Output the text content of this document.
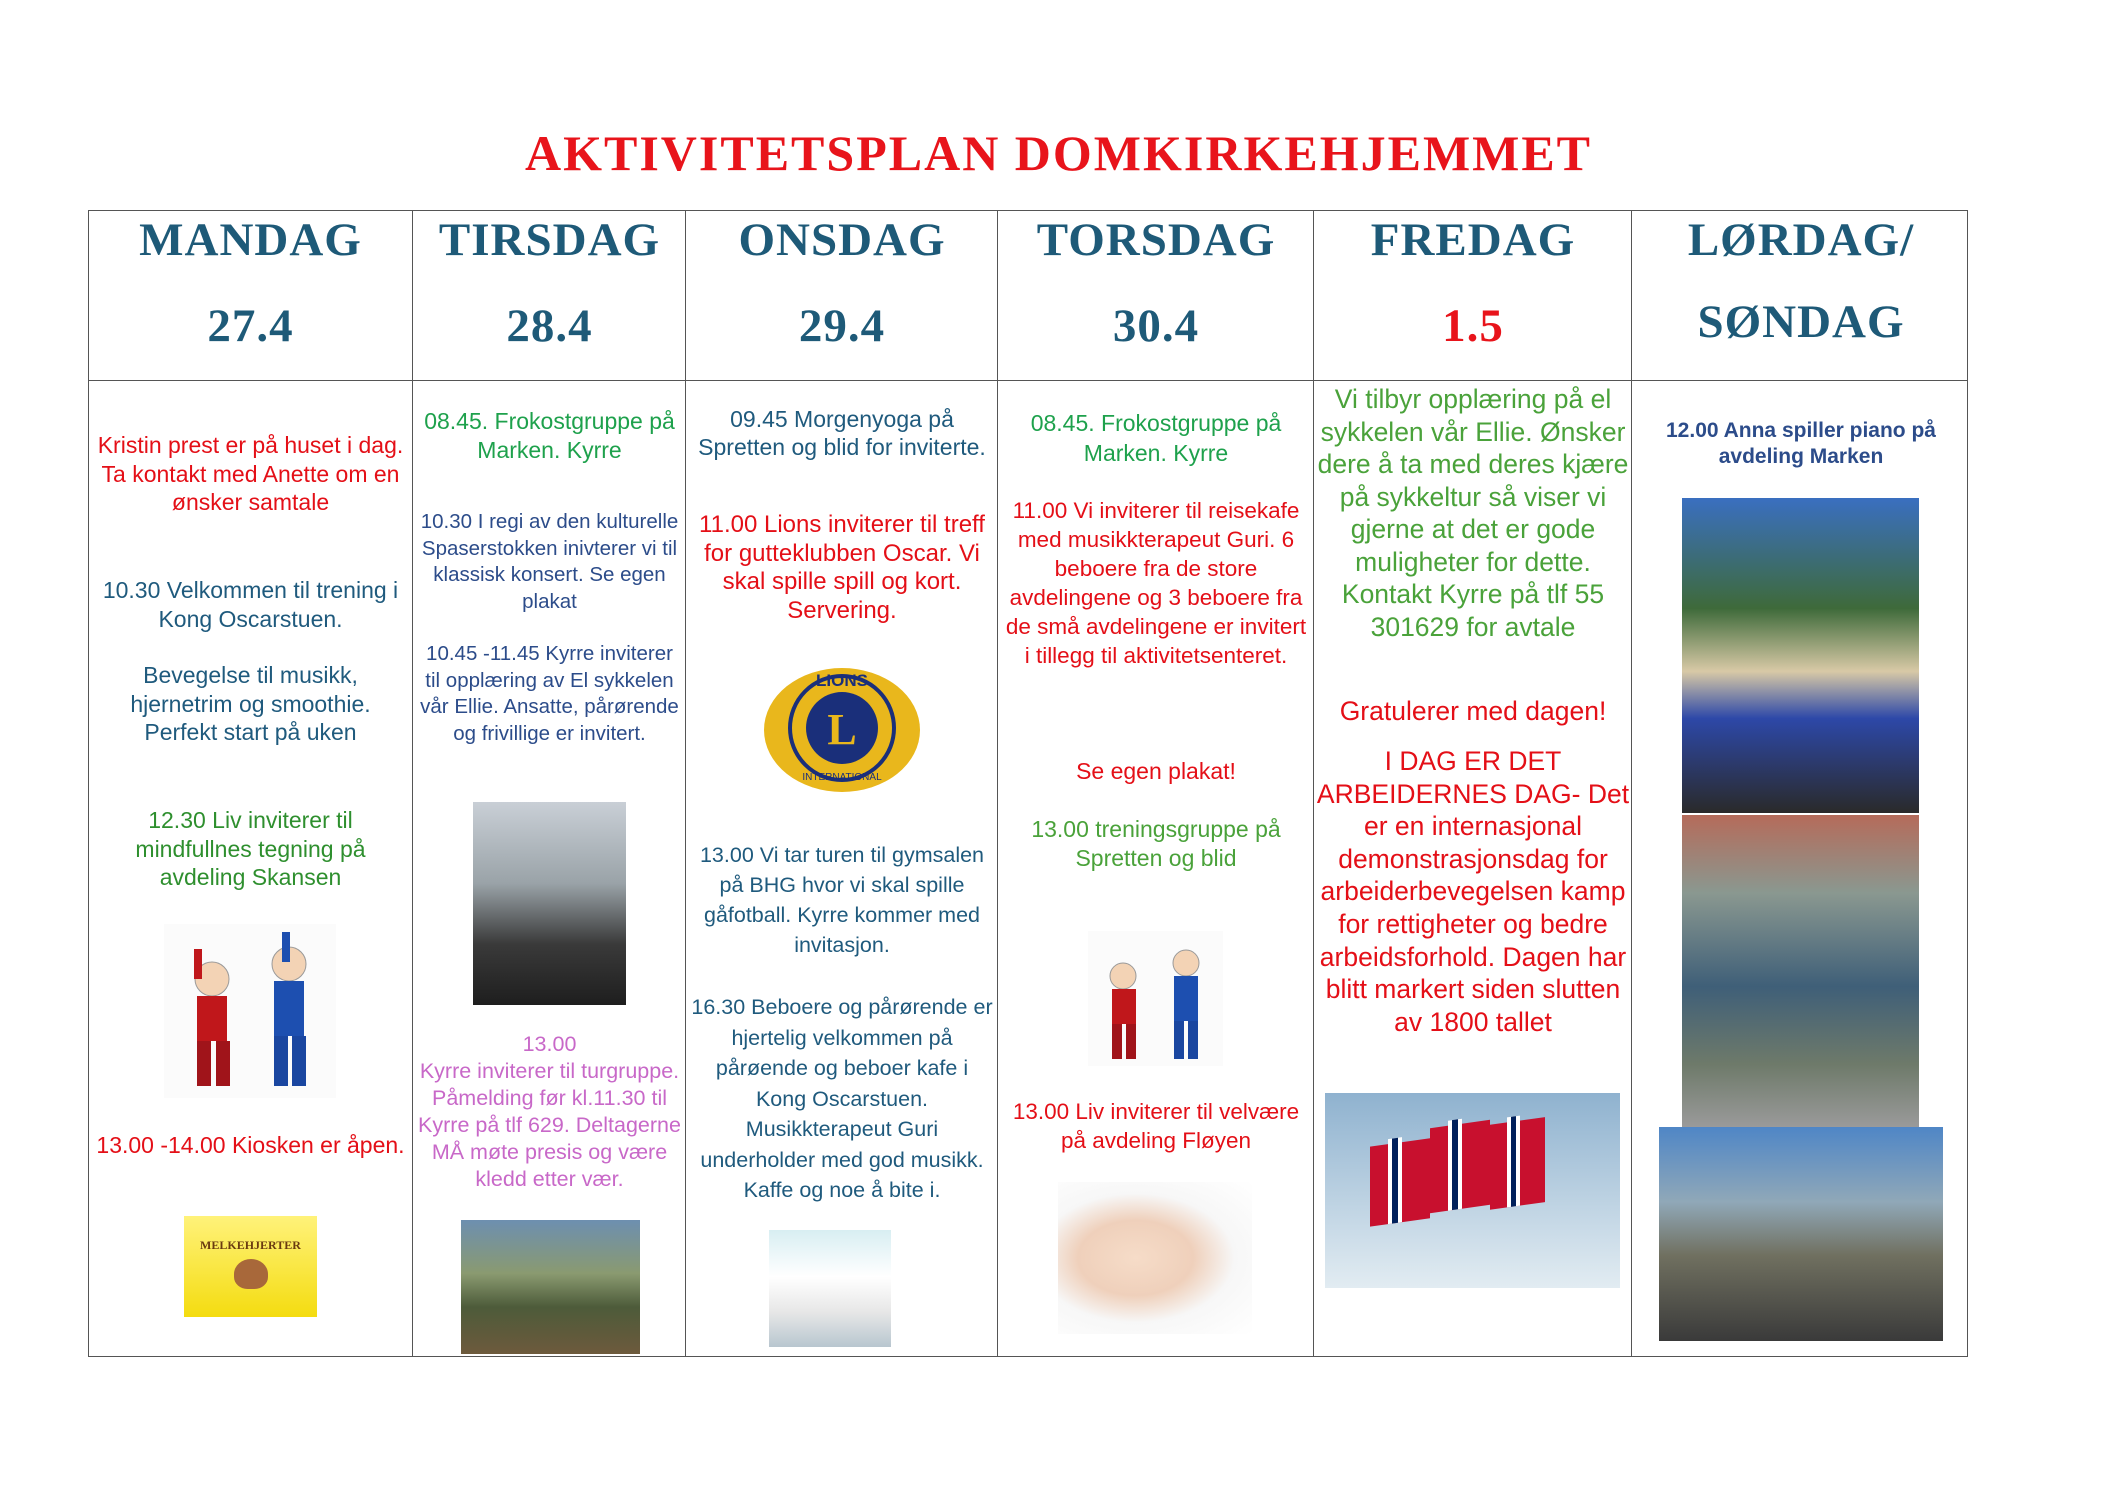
AKTIVITETSPLAN DOMKIRKEHJEMMET
MANDAG
27.4
Kristin prest er på huset i dag. Ta kontakt med Anette om en ønsker samtale
10.30 Velkommen til trening i Kong Oscarstuen.
Bevegelse til musikk, hjernetrim og smoothie. Perfekt start på uken
12.30 Liv inviterer til mindfullnes tegning på avdeling Skansen
13.00 -14.00 Kiosken er åpen.
MELKEHJERTER
TIRSDAG
28.4
08.45. Frokostgruppe på Marken. Kyrre
10.30 I regi av den kulturelle Spaserstokken inivterer vi til klassisk konsert. Se egen plakat
10.45 -11.45 Kyrre inviterer til opplæring av El sykkelen vår Ellie. Ansatte, pårørende og frivillige er invitert.
13.00
Kyrre inviterer til turgruppe. Påmelding før kl.11.30 til Kyrre på tlf 629. Deltagerne MÅ møte presis og være kledd etter vær.
ONSDAG
29.4
09.45 Morgenyoga på Spretten og blid for inviterte.
11.00 Lions inviterer til treff for gutteklubben Oscar. Vi skal spille spill og kort. Servering.
L
LIONS
INTERNATIONAL
13.00 Vi tar turen til gymsalen på BHG hvor vi skal spille gåfotball. Kyrre kommer med invitasjon.
16.30 Beboere og pårørende er hjertelig velkommen på pårøende og beboer kafe i Kong Oscarstuen. Musikkterapeut Guri underholder med god musikk. Kaffe og noe å bite i.
TORSDAG
30.4
08.45. Frokostgruppe på Marken. Kyrre
11.00 Vi inviterer til reisekafe med musikkterapeut Guri. 6 beboere fra de store avdelingene og 3 beboere fra de små avdelingene er invitert i tillegg til aktivitetsenteret.
Se egen plakat!
13.00 treningsgruppe på Spretten og blid
13.00 Liv inviterer til velvære på avdeling Fløyen
FREDAG
1.5
Vi tilbyr opplæring på el sykkelen vår Ellie. Ønsker dere å ta med deres kjære på sykkeltur så viser vi gjerne at det er gode muligheter for dette. Kontakt Kyrre på tlf 55 301629 for avtale
Gratulerer med dagen!
I DAG ER DET ARBEIDERNES DAG- Det er en internasjonal demonstrasjonsdag for arbeiderbevegelsen kamp for rettigheter og bedre arbeidsforhold. Dagen har blitt markert siden slutten av 1800 tallet
LØRDAG/
SØNDAG
12.00 Anna spiller piano på avdeling Marken
